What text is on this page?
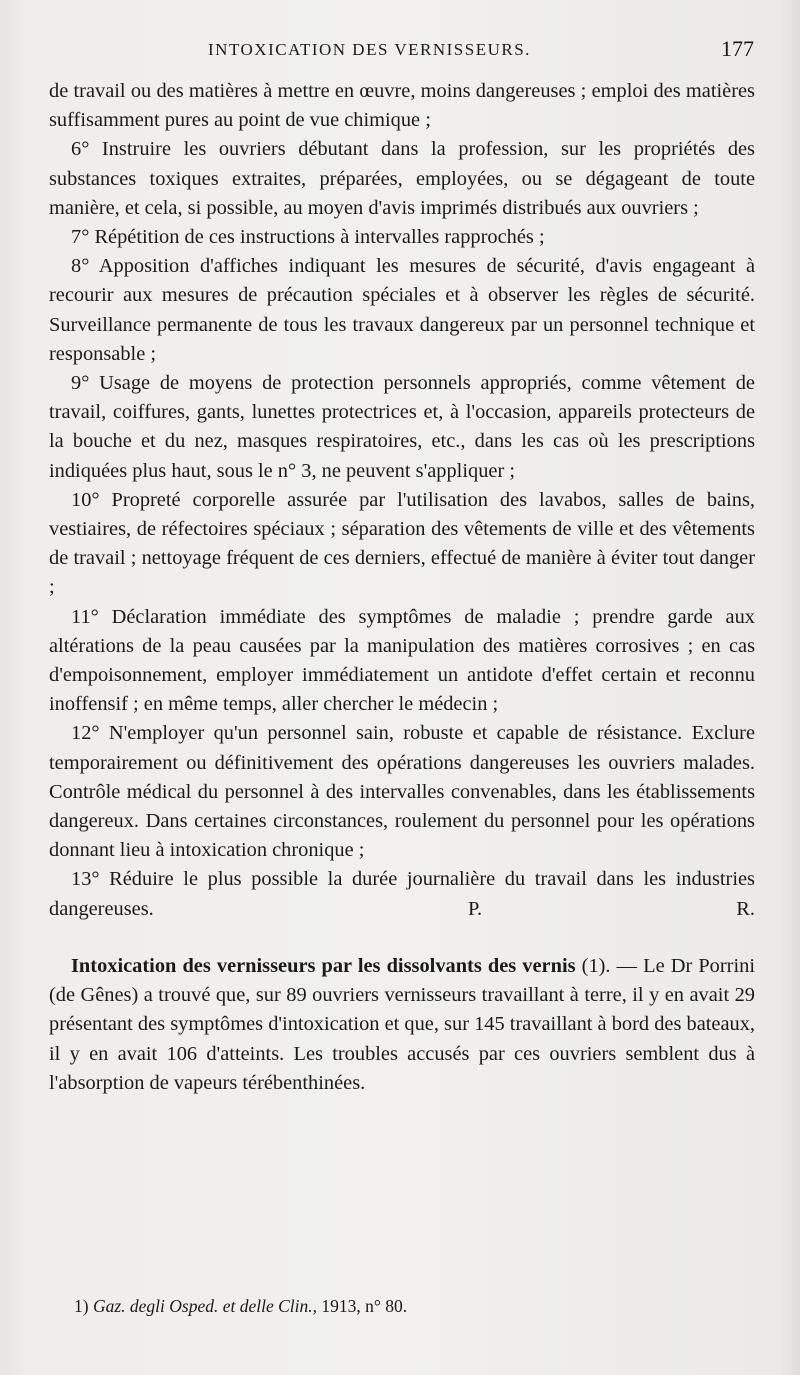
INTOXICATION DES VERNISSEURS.	177

de travail ou des matières à mettre en œuvre, moins dangereuses ; emploi des matières suffisamment pures au point de vue chimique ;

6° Instruire les ouvriers débutant dans la profession, sur les propriétés des substances toxiques extraites, préparées, employées, ou se dégageant de toute manière, et cela, si possible, au moyen d'avis imprimés distribués aux ouvriers ;

7° Répétition de ces instructions à intervalles rapprochés ;

8° Apposition d'affiches indiquant les mesures de sécurité, d'avis engageant à recourir aux mesures de précaution spéciales et à observer les règles de sécurité. Surveillance permanente de tous les travaux dangereux par un personnel technique et responsable ;

9° Usage de moyens de protection personnels appropriés, comme vêtement de travail, coiffures, gants, lunettes protectrices et, à l'occasion, appareils protecteurs de la bouche et du nez, masques respiratoires, etc., dans les cas où les prescriptions indiquées plus haut, sous le n° 3, ne peuvent s'appliquer ;

10° Propreté corporelle assurée par l'utilisation des lavabos, salles de bains, vestiaires, de réfectoires spéciaux ; séparation des vêtements de ville et des vêtements de travail ; nettoyage fréquent de ces derniers, effectué de manière à éviter tout danger ;

11° Déclaration immédiate des symptômes de maladie ; prendre garde aux altérations de la peau causées par la manipulation des matières corrosives ; en cas d'empoisonnement, employer immédiatement un antidote d'effet certain et reconnu inoffensif ; en même temps, aller chercher le médecin ;

12° N'employer qu'un personnel sain, robuste et capable de résistance. Exclure temporairement ou définitivement des opérations dangereuses les ouvriers malades. Contrôle médical du personnel à des intervalles convenables, dans les établissements dangereux. Dans certaines circonstances, roulement du personnel pour les opérations donnant lieu à intoxication chronique ;

13° Réduire le plus possible la durée journalière du travail dans les industries dangereuses.	P. R.

Intoxication des vernisseurs par les dissolvants des vernis (1). — Le Dr Porrini (de Gênes) a trouvé que, sur 89 ouvriers vernisseurs travaillant à terre, il y en avait 29 présentant des symptômes d'intoxication et que, sur 145 travaillant à bord des bateaux, il y en avait 106 d'atteints. Les troubles accusés par ces ouvriers semblent dus à l'absorption de vapeurs térébenthinées.

1) Gaz. degli Osped. et delle Clin., 1913, n° 80.
